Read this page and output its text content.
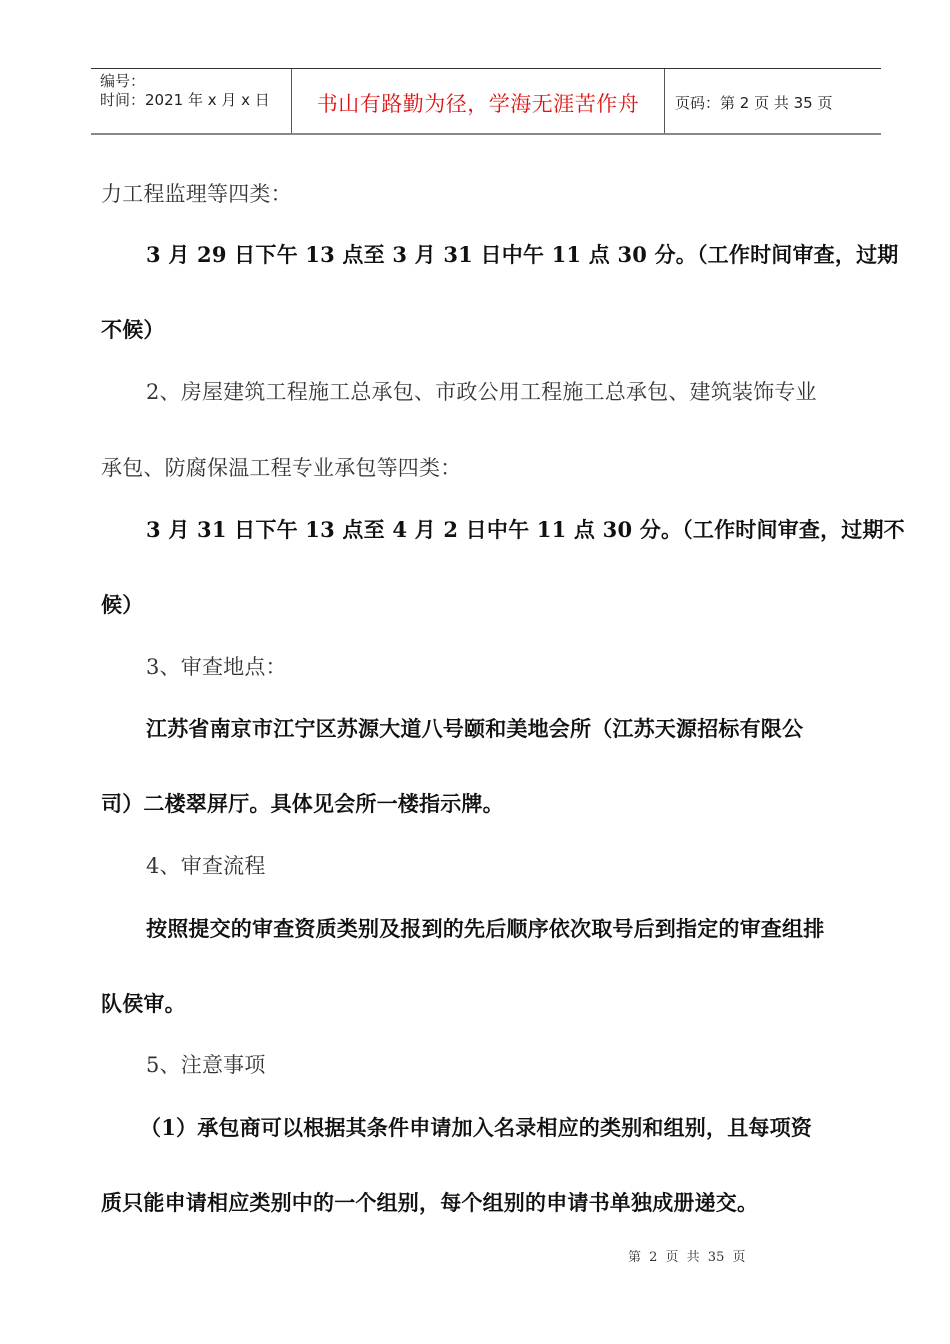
编号：
时间：2021 年 x 月 x 日	书山有路勤为径，学海无涯苦作舟	页码：第 2 页 共 35 页
力工程监理等四类：
3 月 29 日下午 13 点至 3 月 31 日中午 11 点 30 分。（工作时间审查，过期
不候）
2、房屋建筑工程施工总承包、市政公用工程施工总承包、建筑装饰专业
承包、防腐保温工程专业承包等四类：
3 月 31 日下午 13 点至 4 月 2 日中午 11 点 30 分。（工作时间审查，过期不
候）
3、审查地点：
江苏省南京市江宁区苏源大道八号颐和美地会所（江苏天源招标有限公
司）二楼翠屏厅。具体见会所一楼指示牌。
4、审查流程
按照提交的审查资质类别及报到的先后顺序依次取号后到指定的审查组排
队侯审。
5、注意事项
（1）承包商可以根据其条件申请加入名录相应的类别和组别，且每项资
质只能申请相应类别中的一个组别，每个组别的申请书单独成册递交。
第 2 页 共 35 页
